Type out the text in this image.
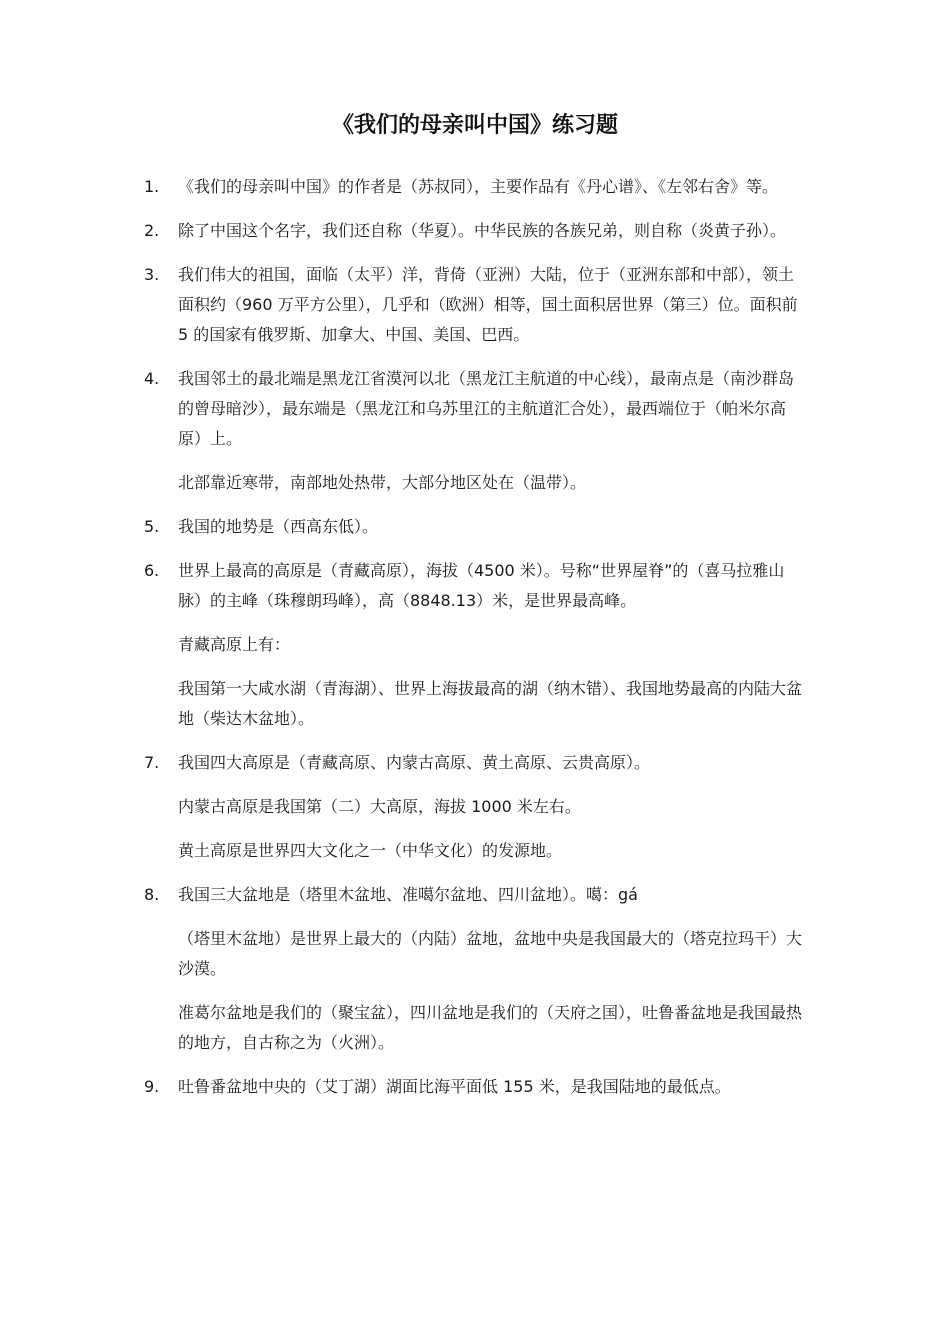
《我们的母亲叫中国》练习题
1. 《我们的母亲叫中国》的作者是（苏叔同），主要作品有《丹心谱》、《左邻右舍》等。
2. 除了中国这个名字，我们还自称（华夏）。中华民族的各族兄弟，则自称（炎黄子孙）。
3. 我们伟大的祖国，面临（太平）洋，背倚（亚洲）大陆，位于（亚洲东部和中部），领土面积约（960 万平方公里），几乎和（欧洲）相等，国土面积居世界（第三）位。面积前 5 的国家有俄罗斯、加拿大、中国、美国、巴西。
4. 我国邻土的最北端是黑龙江省漠河以北（黑龙江主航道的中心线），最南点是（南沙群岛的曾母暗沙），最东端是（黑龙江和乌苏里江的主航道汇合处），最西端位于（帕米尔高原）上。
北部靠近寒带，南部地处热带，大部分地区处在（温带）。
5. 我国的地势是（西高东低）。
6. 世界上最高的高原是（青藏高原），海拔（4500 米）。号称“世界屋脊”的（喜马拉雅山脉）的主峰（珠穆朗玛峰），高（8848.13）米，是世界最高峰。
青藏高原上有：
我国第一大咸水湖（青海湖）、世界上海拔最高的湖（纳木错）、我国地势最高的内陆大盆地（柴达木盆地）。
7. 我国四大高原是（青藏高原、内蒙古高原、黄土高原、云贵高原）。
内蒙古高原是我国第（二）大高原，海拔 1000 米左右。
黄土高原是世界四大文化之一（中华文化）的发源地。
8. 我国三大盆地是（塔里木盆地、准噶尔盆地、四川盆地）。噶：gá
（塔里木盆地）是世界上最大的（内陆）盆地，盆地中央是我国最大的（塔克拉玛干）大沙漠。
准葛尔盆地是我们的（聚宝盆），四川盆地是我们的（天府之国），吐鲁番盆地是我国最热的地方，自古称之为（火洲）。
9. 吐鲁番盆地中央的（艾丁湖）湖面比海平面低 155 米，是我国陆地的最低点。
